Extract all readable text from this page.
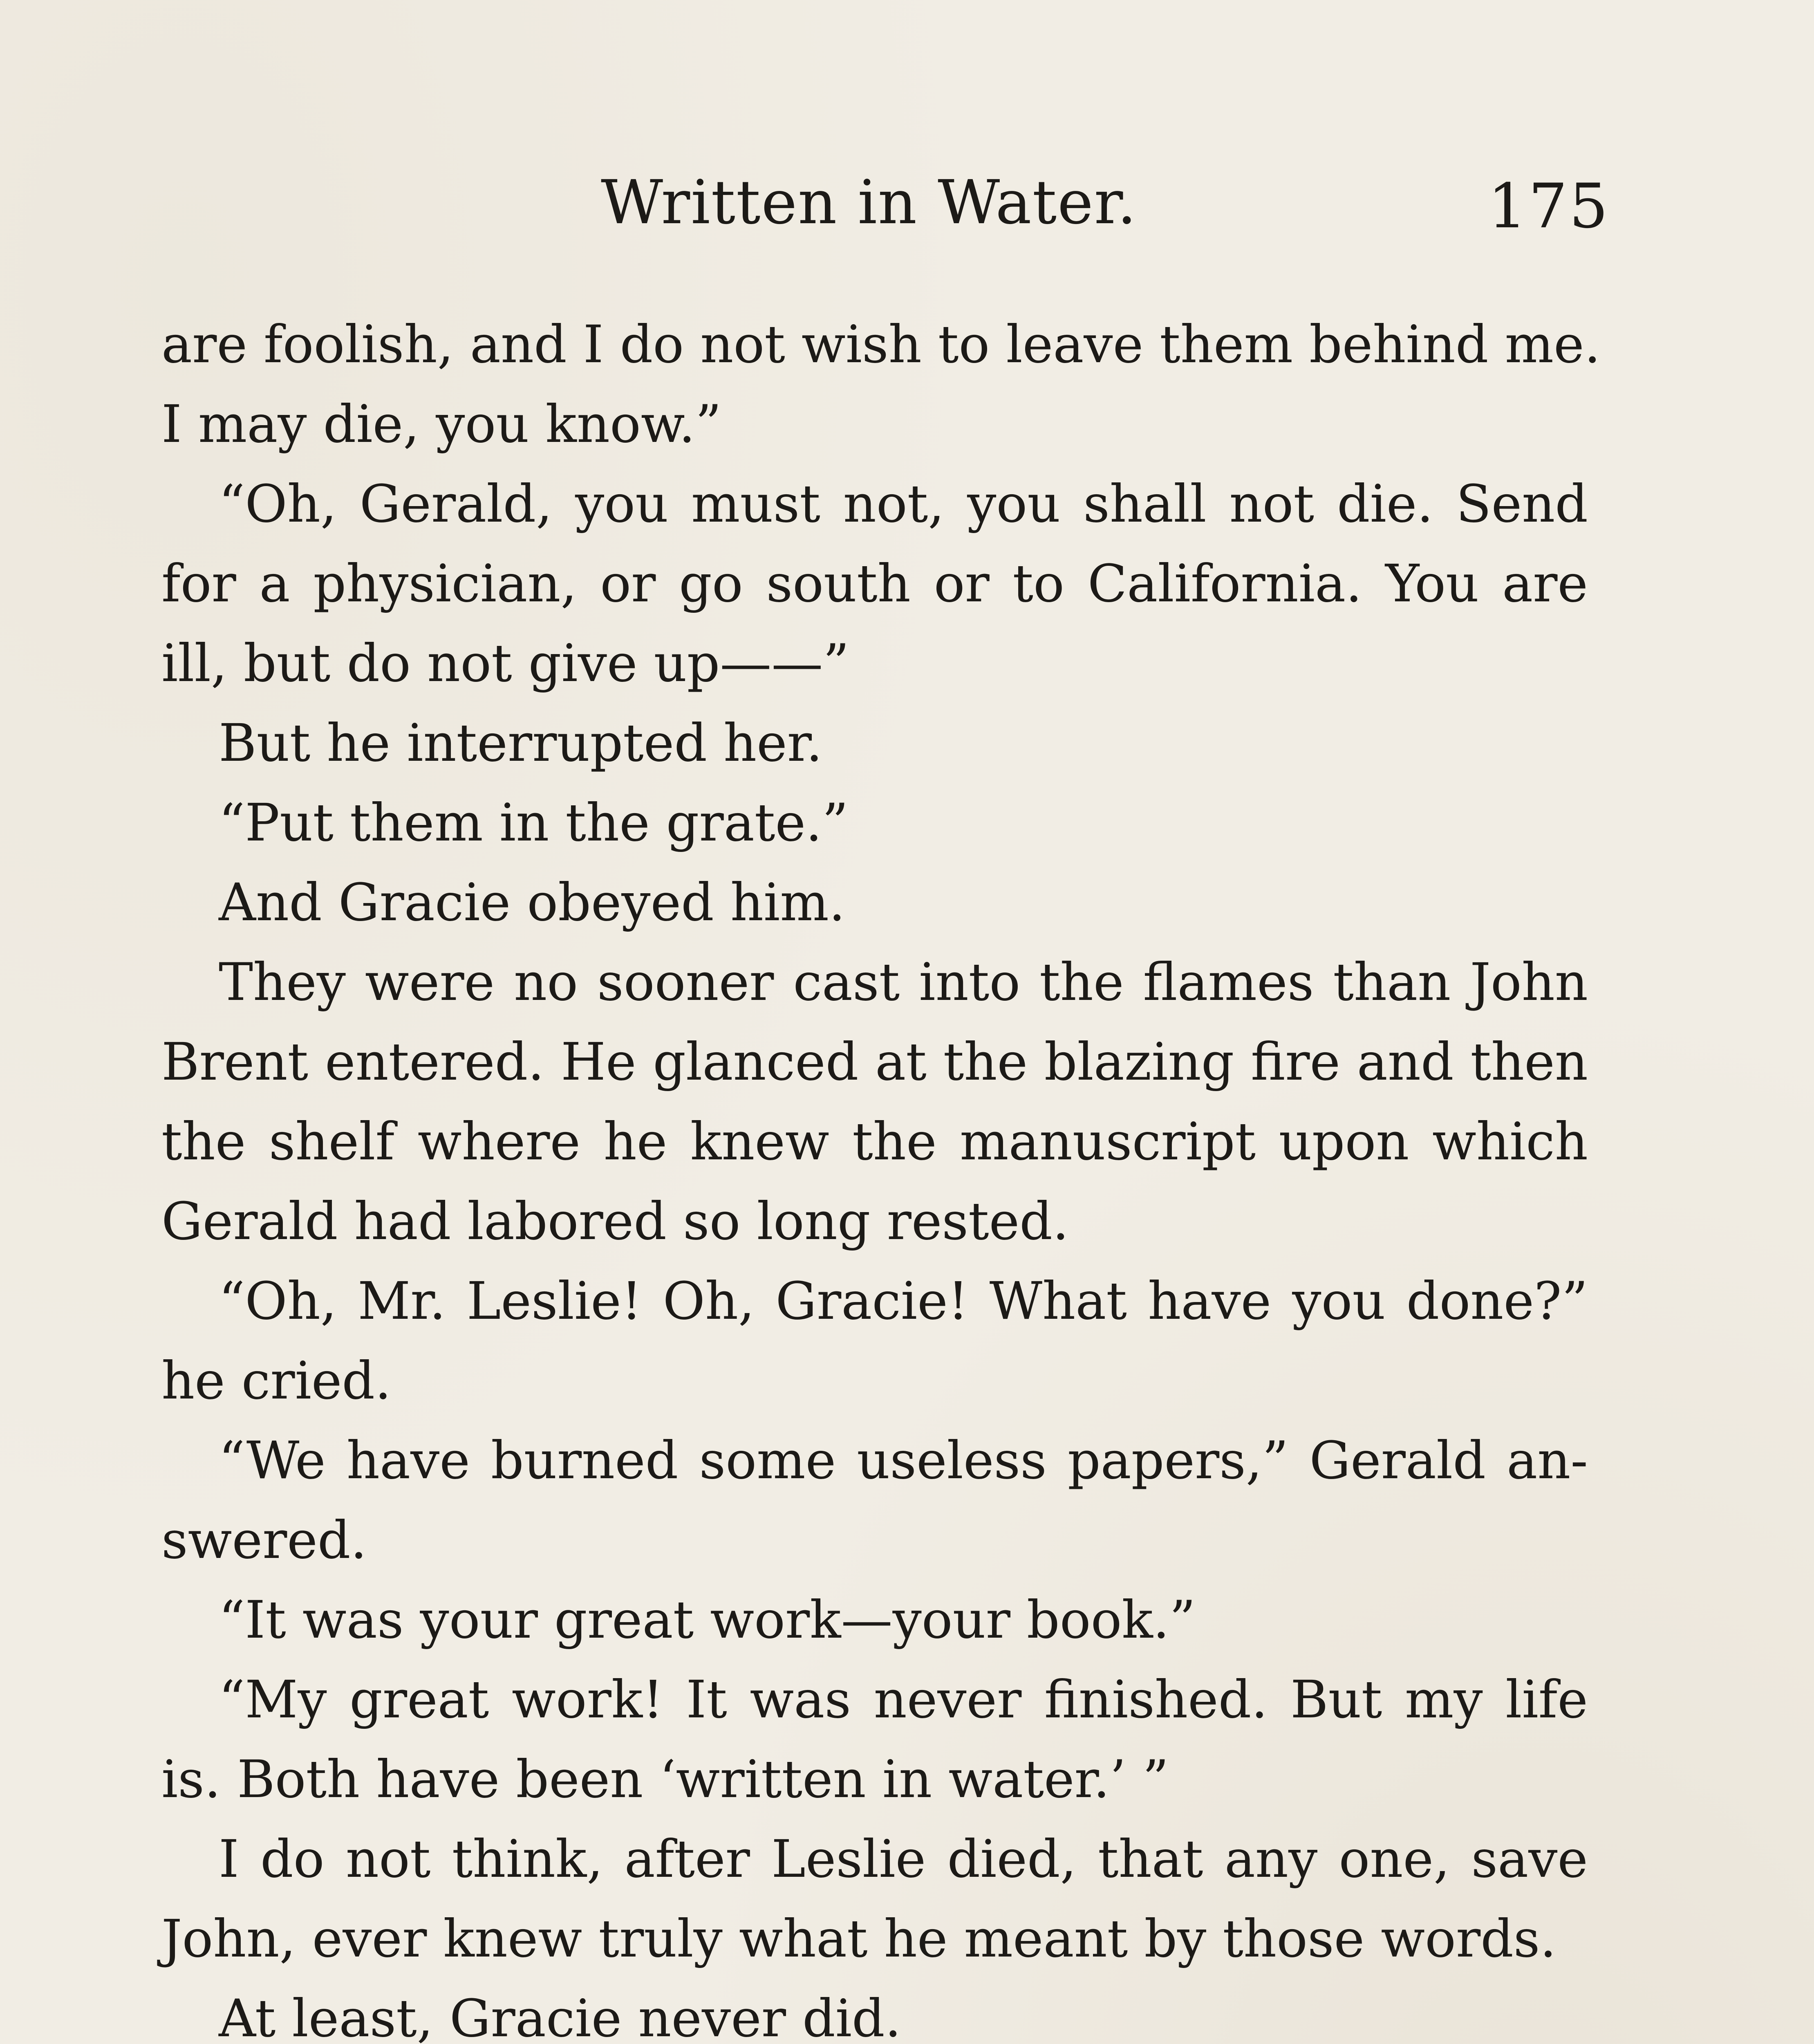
Written in Water.	175
are foolish, and I do not wish to leave them behind me.
I may die, you know.”
“Oh, Gerald, you must not, you shall not die. Send
for a physician, or go south or to California. You are
ill, but do not give up——”
But he interrupted her.
“Put them in the grate.”
And Gracie obeyed him.
They were no sooner cast into the flames than John
Brent entered. He glanced at the blazing fire and then
the shelf where he knew the manuscript upon which
Gerald had labored so long rested.
“Oh, Mr. Leslie! Oh, Gracie! What have you done?”
he cried.
“We have burned some useless papers,” Gerald an-
swered.
“It was your great work—your book.”
“My great work! It was never finished. But my life
is. Both have been ‘written in water.’ ”
I do not think, after Leslie died, that any one, save
John, ever knew truly what he meant by those words.
At least, Gracie never did.
